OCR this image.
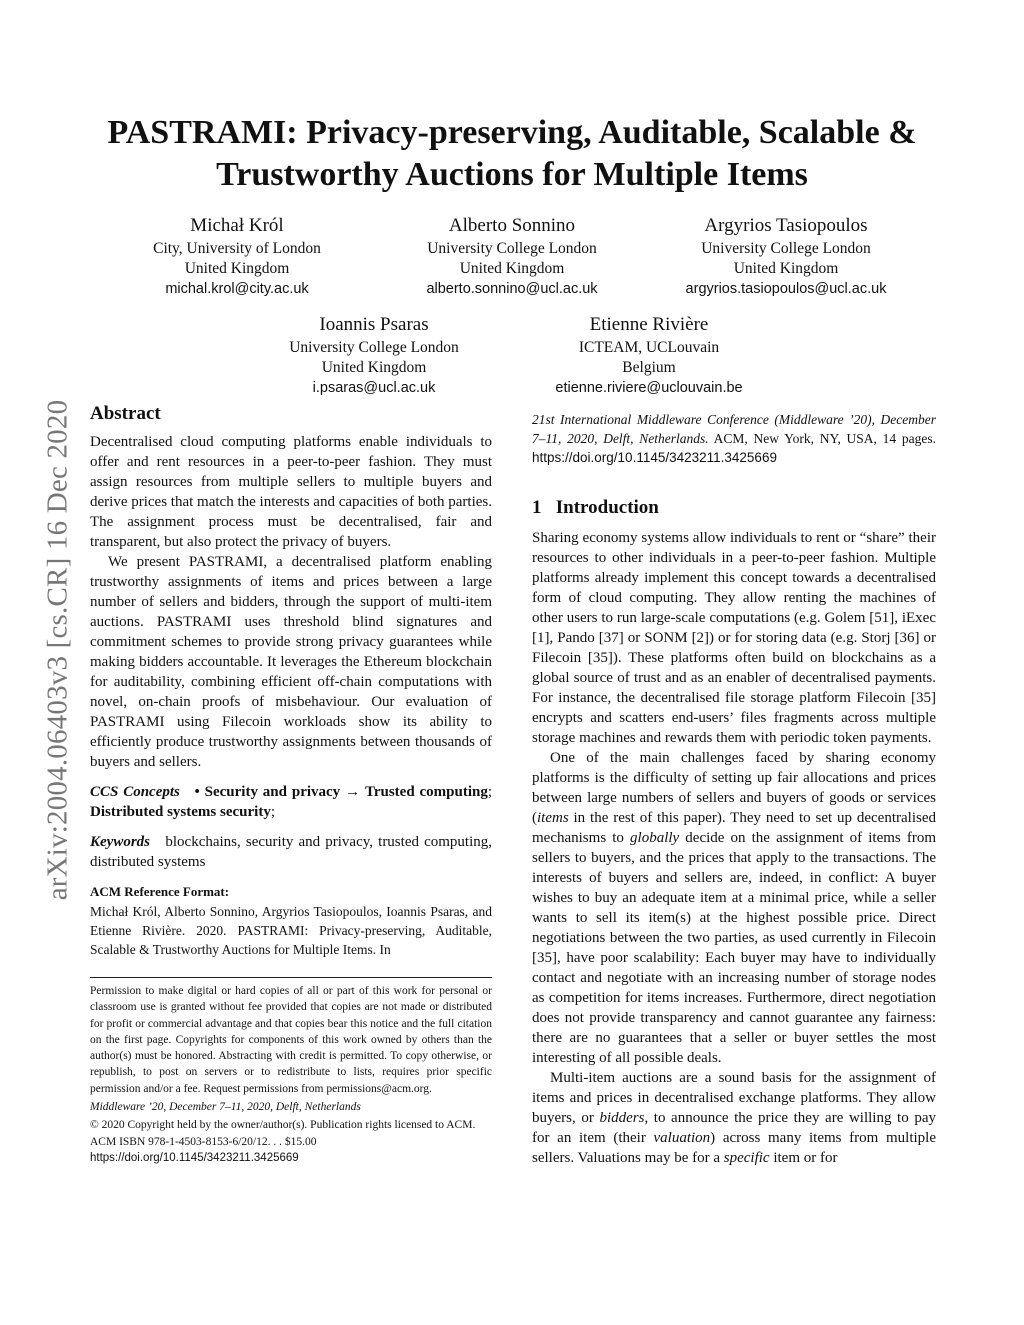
arXiv:2004.06403v3 [cs.CR] 16 Dec 2020
PASTRAMI: Privacy-preserving, Auditable, Scalable &
Trustworthy Auctions for Multiple Items
Michał Król
City, University of London
United Kingdom
michal.krol@city.ac.uk
Alberto Sonnino
University College London
United Kingdom
alberto.sonnino@ucl.ac.uk
Argyrios Tasiopoulos
University College London
United Kingdom
argyrios.tasiopoulos@ucl.ac.uk
Ioannis Psaras
University College London
United Kingdom
i.psaras@ucl.ac.uk
Etienne Rivière
ICTEAM, UCLouvain
Belgium
etienne.riviere@uclouvain.be
Abstract

Decentralised cloud computing platforms enable individuals to offer and rent resources in a peer-to-peer fashion. They must assign resources from multiple sellers to multiple buyers and derive prices that match the interests and capacities of both parties. The assignment process must be decentralised, fair and transparent, but also protect the privacy of buyers.

We present PASTRAMI, a decentralised platform enabling trustworthy assignments of items and prices between a large number of sellers and bidders, through the support of multi-item auctions. PASTRAMI uses threshold blind signatures and commitment schemes to provide strong privacy guarantees while making bidders accountable. It leverages the Ethereum blockchain for auditability, combining efficient off-chain computations with novel, on-chain proofs of misbehaviour. Our evaluation of PASTRAMI using Filecoin workloads show its ability to efficiently produce trustworthy assignments between thousands of buyers and sellers.

CCS Concepts • Security and privacy → Trusted computing; Distributed systems security;

Keywords blockchains, security and privacy, trusted computing, distributed systems

ACM Reference Format:

Michał Król, Alberto Sonnino, Argyrios Tasiopoulos, Ioannis Psaras, and Etienne Rivière. 2020. PASTRAMI: Privacy-preserving, Auditable, Scalable & Trustworthy Auctions for Multiple Items. In

Permission to make digital or hard copies of all or part of this work for personal or classroom use is granted without fee provided that copies are not made or distributed for profit or commercial advantage and that copies bear this notice and the full citation on the first page. Copyrights for components of this work owned by others than the author(s) must be honored. Abstracting with credit is permitted. To copy otherwise, or republish, to post on servers or to redistribute to lists, requires prior specific permission and/or a fee. Request permissions from permissions@acm.org.

Middleware ’20, December 7–11, 2020, Delft, Netherlands

© 2020 Copyright held by the owner/author(s). Publication rights licensed to ACM.

ACM ISBN 978-1-4503-8153-6/20/12. . . $15.00

https://doi.org/10.1145/3423211.3425669

21st International Middleware Conference (Middleware ’20), December 7–11, 2020, Delft, Netherlands. ACM, New York, NY, USA, 14 pages. https://doi.org/10.1145/3423211.3425669

1 Introduction

Sharing economy systems allow individuals to rent or “share” their resources to other individuals in a peer-to-peer fashion. Multiple platforms already implement this concept towards a decentralised form of cloud computing. They allow renting the machines of other users to run large-scale computations (e.g. Golem [51], iExec [1], Pando [37] or SONM [2]) or for storing data (e.g. Storj [36] or Filecoin [35]). These platforms often build on blockchains as a global source of trust and as an enabler of decentralised payments. For instance, the decentralised file storage platform Filecoin [35] encrypts and scatters end-users’ files fragments across multiple storage machines and rewards them with periodic token payments.

One of the main challenges faced by sharing economy platforms is the difficulty of setting up fair allocations and prices between large numbers of sellers and buyers of goods or services (items in the rest of this paper). They need to set up decentralised mechanisms to globally decide on the assignment of items from sellers to buyers, and the prices that apply to the transactions. The interests of buyers and sellers are, indeed, in conflict: A buyer wishes to buy an adequate item at a minimal price, while a seller wants to sell its item(s) at the highest possible price. Direct negotiations between the two parties, as used currently in Filecoin [35], have poor scalability: Each buyer may have to individually contact and negotiate with an increasing number of storage nodes as competition for items increases. Furthermore, direct negotiation does not provide transparency and cannot guarantee any fairness: there are no guarantees that a seller or buyer settles the most interesting of all possible deals.

Multi-item auctions are a sound basis for the assignment of items and prices in decentralised exchange platforms. They allow buyers, or bidders, to announce the price they are willing to pay for an item (their valuation) across many items from multiple sellers. Valuations may be for a specific item or for
